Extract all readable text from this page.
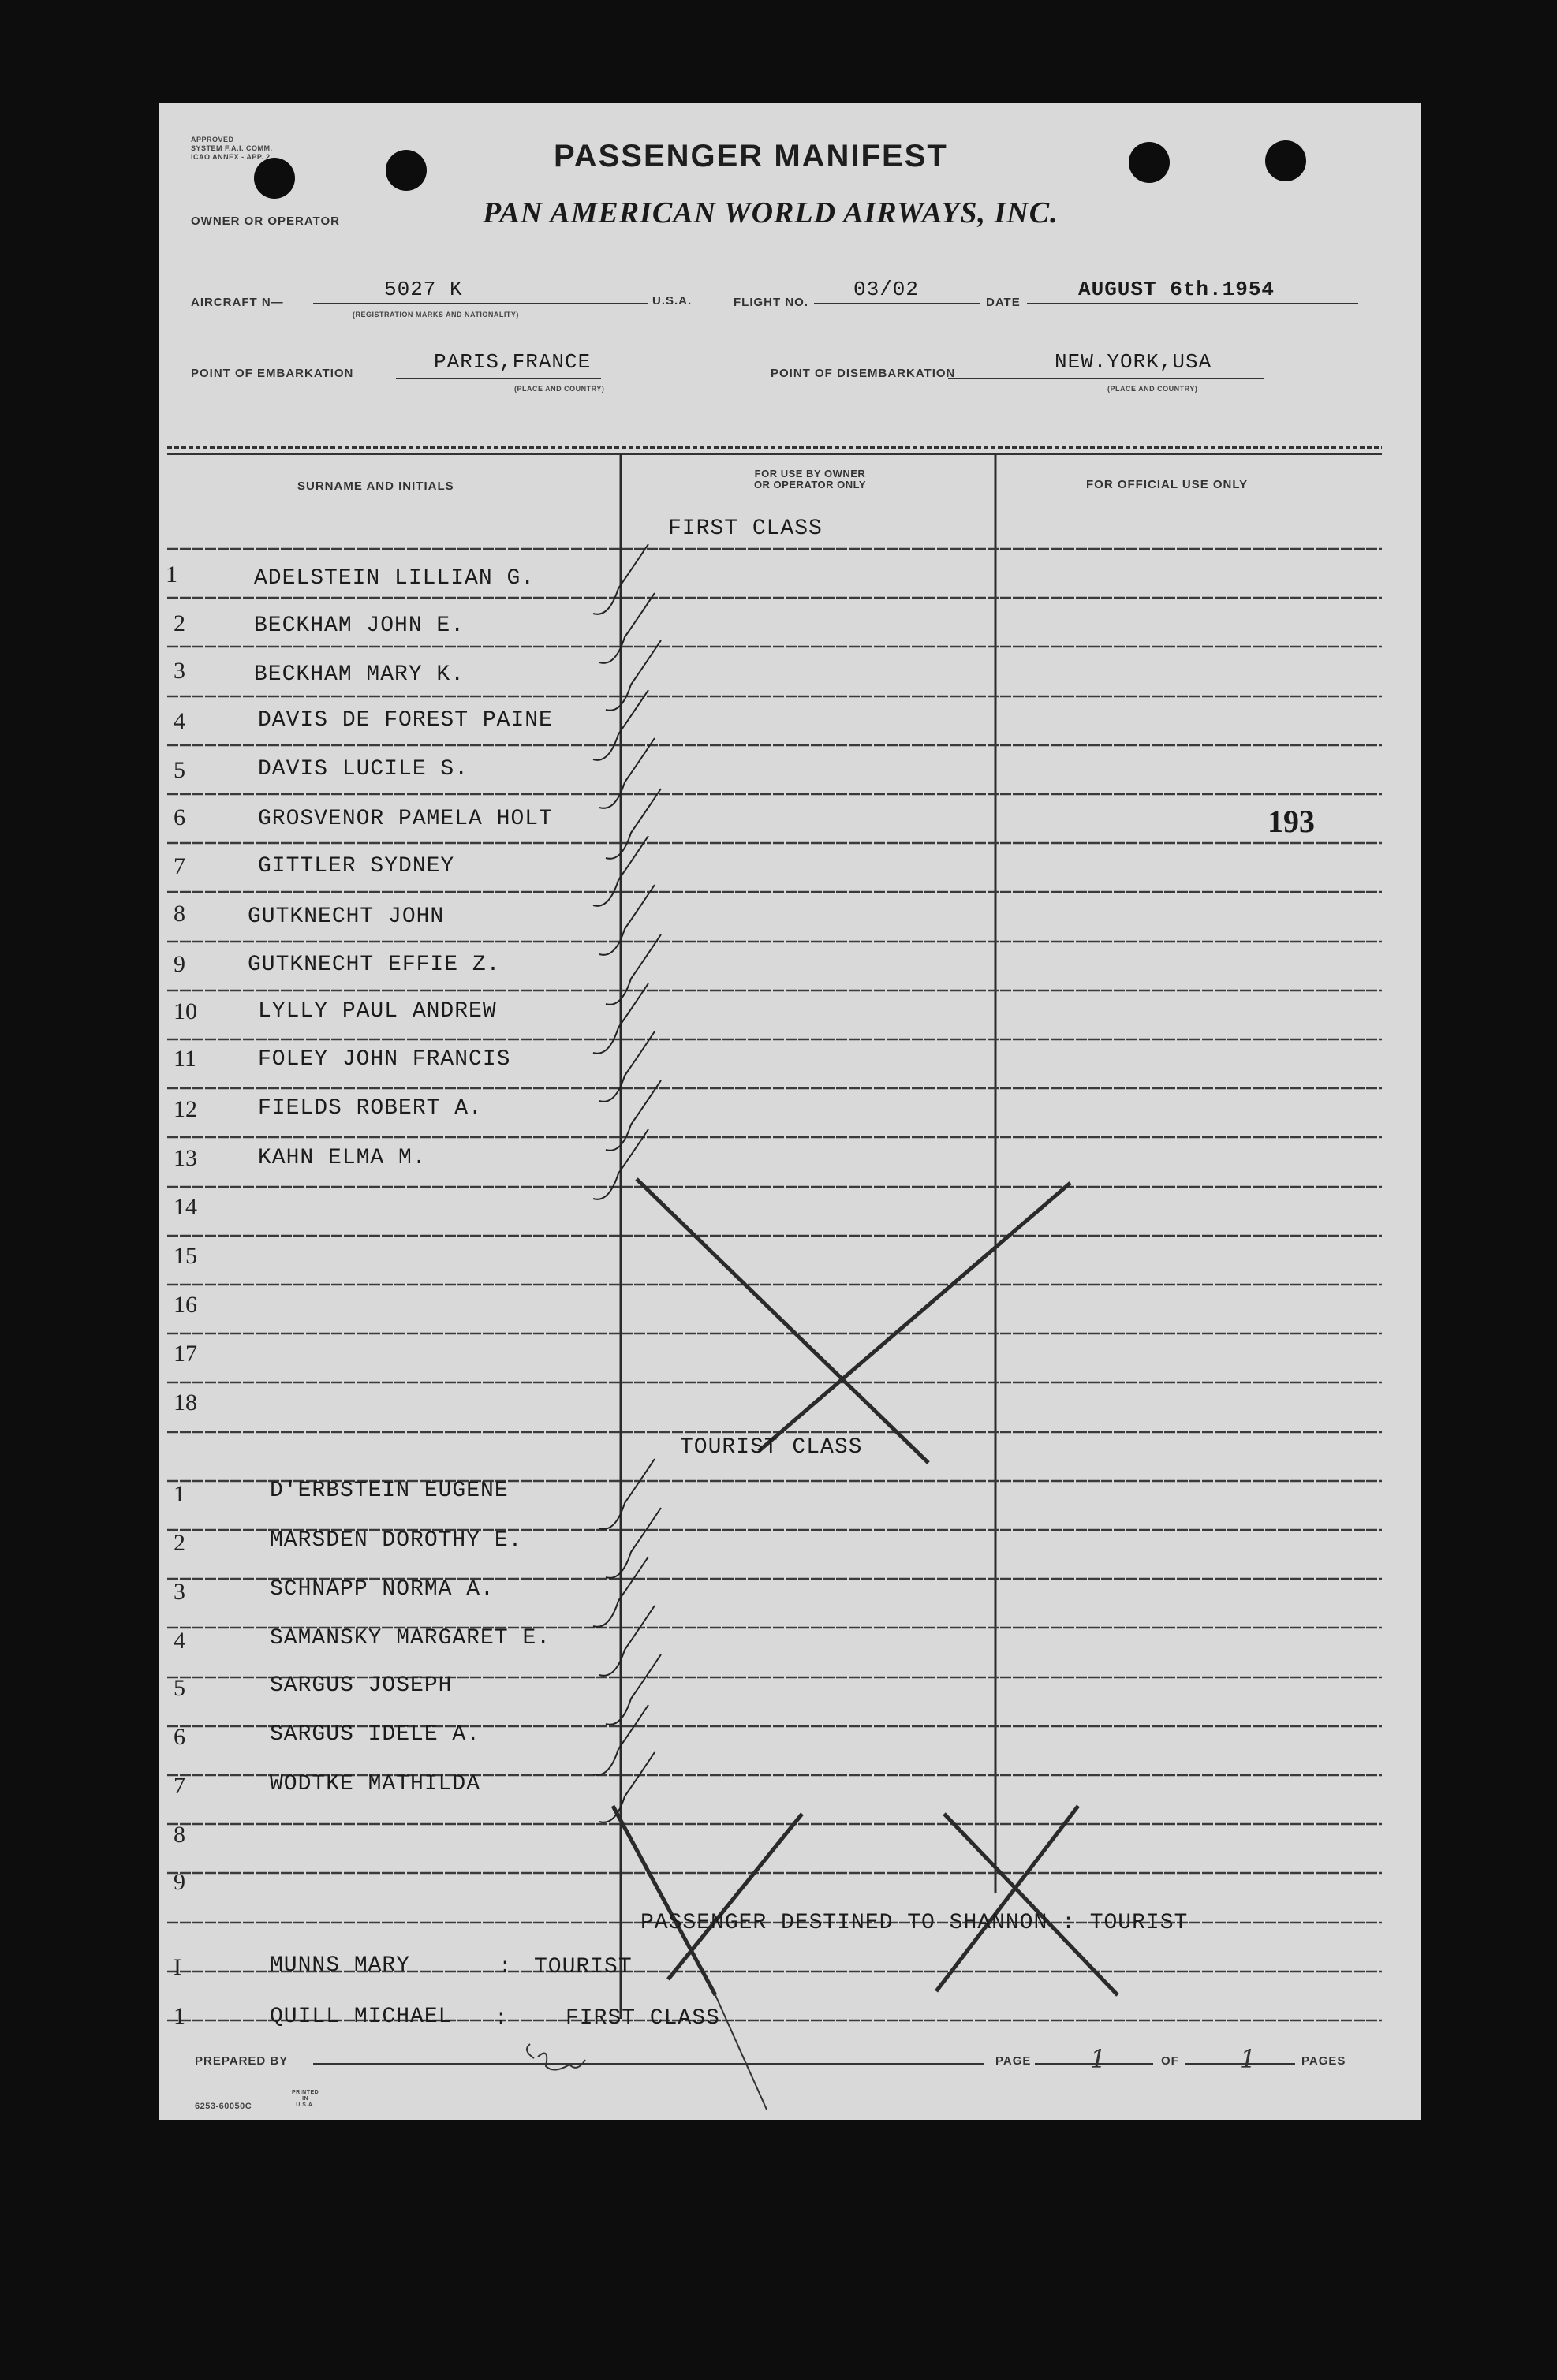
APPROVED
SYSTEM F.A.I. COMM.
ICAO ANNEX - APP. 2	PASSENGER MANIFEST
OWNER OR OPERATOR	PAN AMERICAN WORLD AIRWAYS, INC.
AIRCRAFT N—
5027 K
(REGISTRATION MARKS AND NATIONALITY)
U.S.A.	FLIGHT NO.
03/02
DATE
AUGUST 6th.1954
POINT OF EMBARKATION	PARIS,FRANCE
(PLACE AND COUNTRY)
POINT OF DISEMBARKATION	NEW.YORK,USA
(PLACE AND COUNTRY)
SURNAME AND INITIALS
FOR USE BY OWNER
OR OPERATOR ONLY	FOR OFFICIAL USE ONLY
FIRST CLASS
TOURIST CLASS
193
1	ADELSTEIN LILLIAN G.
2	BECKHAM JOHN E.
3	BECKHAM MARY K.
4	DAVIS DE FOREST PAINE
5	DAVIS LUCILE S.
6	GROSVENOR PAMELA HOLT
7	GITTLER SYDNEY
8	GUTKNECHT JOHN
9	GUTKNECHT EFFIE Z.
10	LYLLY PAUL ANDREW
11	FOLEY JOHN FRANCIS
12	FIELDS ROBERT A.
13	KAHN ELMA M.
14
15
16
17
18
1	D'ERBSTEIN EUGENE
2	MARSDEN DOROTHY E.
3	SCHNAPP NORMA A.
4	SAMANSKY MARGARET E.
5	SARGUS JOSEPH
6	SARGUS IDELE A.
7	WODTKE MATHILDA
8
9
PASSENGER DESTINED TO SHANNON : TOURIST
I	MUNNS MARY	: TOURIST
1	QUILL MICHAEL :	FIRST CLASS
PREPARED BY	PAGE 1	OF 1	PAGES
6253-60050C
PRINTED
IN
U.S.A.
